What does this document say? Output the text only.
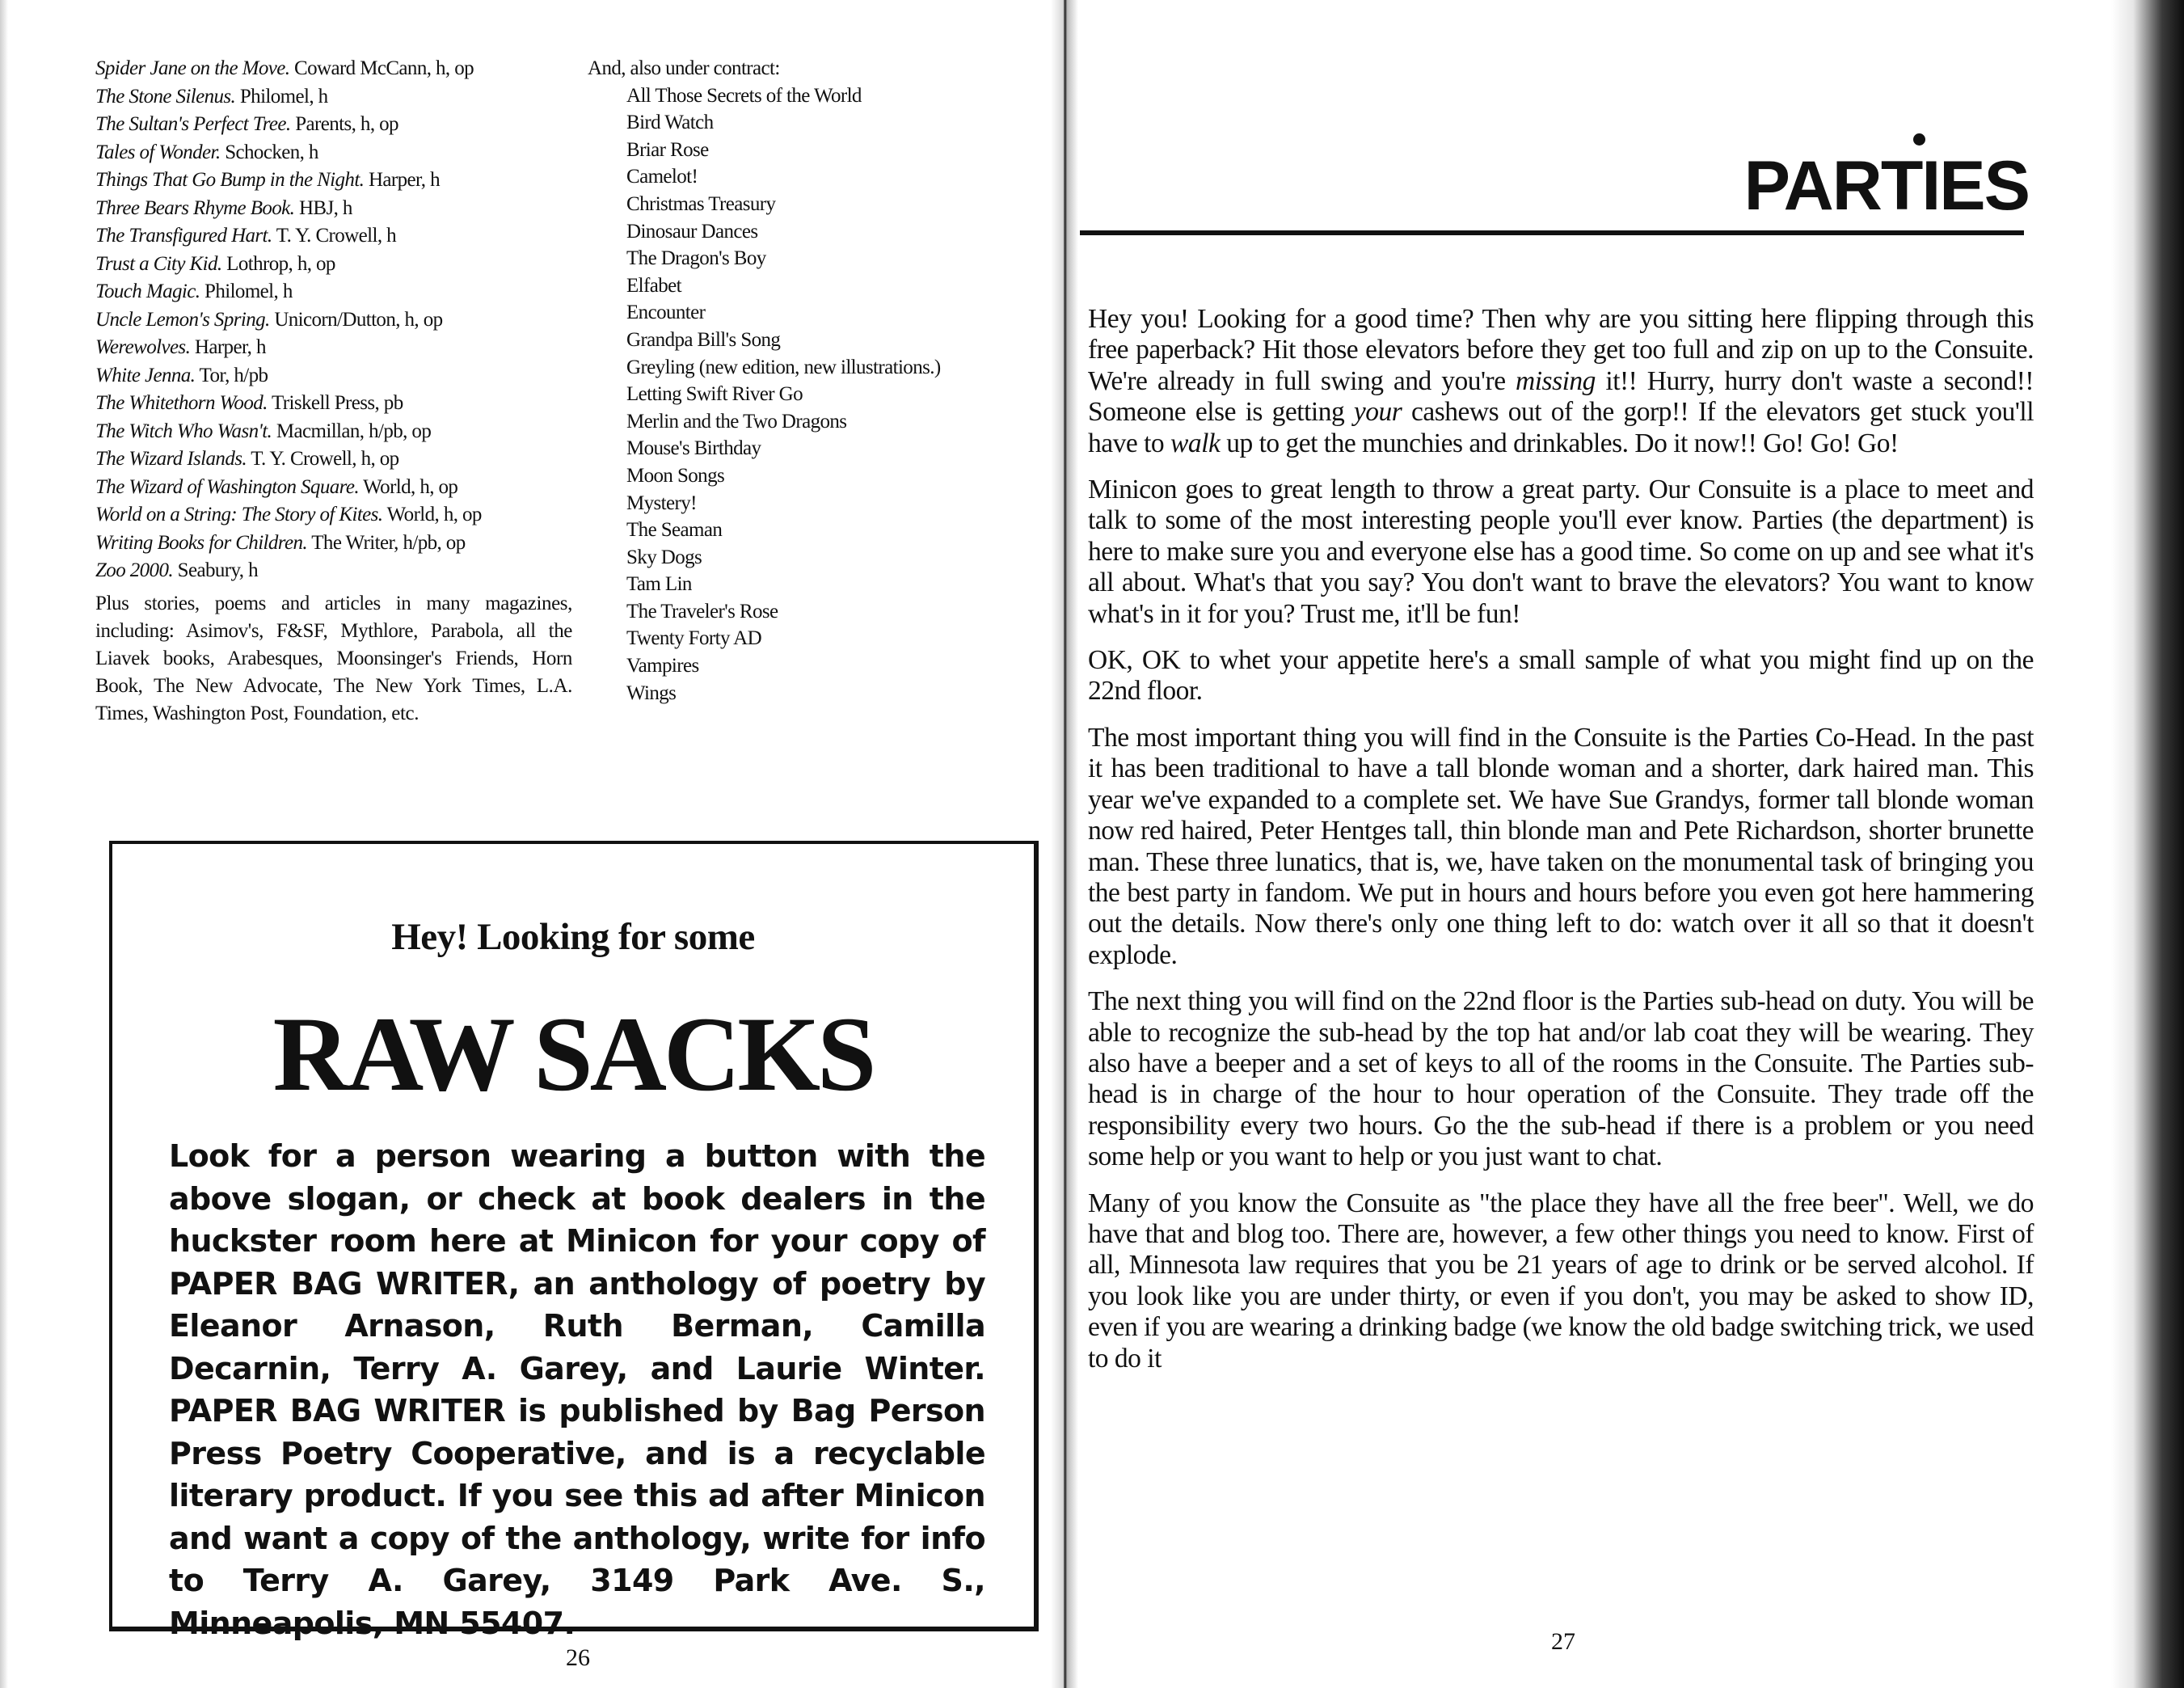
Spider Jane on the Move. Coward McCann, h, op
The Stone Silenus. Philomel, h
The Sultan's Perfect Tree. Parents, h, op
Tales of Wonder. Schocken, h
Things That Go Bump in the Night. Harper, h
Three Bears Rhyme Book. HBJ, h
The Transfigured Hart. T. Y. Crowell, h
Trust a City Kid. Lothrop, h, op
Touch Magic. Philomel, h
Uncle Lemon's Spring. Unicorn/Dutton, h, op
Werewolves. Harper, h
White Jenna. Tor, h/pb
The Whitethorn Wood. Triskell Press, pb
The Witch Who Wasn't. Macmillan, h/pb, op
The Wizard Islands. T. Y. Crowell, h, op
The Wizard of Washington Square. World, h, op
World on a String: The Story of Kites. World, h, op
Writing Books for Children. The Writer, h/pb, op
Zoo 2000. Seabury, h
Plus stories, poems and articles in many magazines, including: Asimov's, F&SF, Mythlore, Parabola, all the Liavek books, Arabesques, Moonsinger's Friends, Horn Book, The New Advocate, The New York Times, L.A. Times, Washington Post, Foundation, etc.
And, also under contract:
All Those Secrets of the World
Bird Watch
Briar Rose
Camelot!
Christmas Treasury
Dinosaur Dances
The Dragon's Boy
Elfabet
Encounter
Grandpa Bill's Song
Greyling (new edition, new illustrations.)
Letting Swift River Go
Merlin and the Two Dragons
Mouse's Birthday
Moon Songs
Mystery!
The Seaman
Sky Dogs
Tam Lin
The Traveler's Rose
Twenty Forty AD
Vampires
Wings
Hey! Looking for some
RAW SACKS
Look for a person wearing a button with the above slogan, or check at book dealers in the huckster room here at Minicon for your copy of PAPER BAG WRITER, an anthology of poetry by Eleanor Arnason, Ruth Berman, Camilla Decarnin, Terry A. Garey, and Laurie Winter. PAPER BAG WRITER is published by Bag Person Press Poetry Cooperative, and is a recyclable literary product. If you see this ad after Minicon and want a copy of the anthology, write for info to Terry A. Garey, 3149 Park Ave. S., Minneapolis, MN 55407.
26
PARTIES

Hey you! Looking for a good time? Then why are you sitting here flipping through this free paperback? Hit those elevators before they get too full and zip on up to the Consuite. We're already in full swing and you're missing it!! Hurry, hurry don't waste a second!! Someone else is getting your cashews out of the gorp!! If the elevators get stuck you'll have to walk up to get the munchies and drinkables. Do it now!! Go! Go! Go!

Minicon goes to great length to throw a great party. Our Consuite is a place to meet and talk to some of the most interesting people you'll ever know. Parties (the department) is here to make sure you and everyone else has a good time. So come on up and see what it's all about. What's that you say? You don't want to brave the elevators? You want to know what's in it for you? Trust me, it'll be fun!

OK, OK to whet your appetite here's a small sample of what you might find up on the 22nd floor.

The most important thing you will find in the Consuite is the Parties Co-Head. In the past it has been traditional to have a tall blonde woman and a shorter, dark haired man. This year we've expanded to a complete set. We have Sue Grandys, former tall blonde woman now red haired, Peter Hentges tall, thin blonde man and Pete Richardson, shorter brunette man. These three lunatics, that is, we, have taken on the monumental task of bringing you the best party in fandom. We put in hours and hours before you even got here hammering out the details. Now there's only one thing left to do: watch over it all so that it doesn't explode.

The next thing you will find on the 22nd floor is the Parties sub-head on duty. You will be able to recognize the sub-head by the top hat and/or lab coat they will be wearing. They also have a beeper and a set of keys to all of the rooms in the Consuite. The Parties sub-head is in charge of the hour to hour operation of the Consuite. They trade off the responsibility every two hours. Go the the sub-head if there is a problem or you need some help or you want to help or you just want to chat.

Many of you know the Consuite as "the place they have all the free beer". Well, we do have that and blog too. There are, however, a few other things you need to know. First of all, Minnesota law requires that you be 21 years of age to drink or be served alcohol. If you look like you are under thirty, or even if you don't, you may be asked to show ID, even if you are wearing a drinking badge (we know the old badge switching trick, we used to do it

27
